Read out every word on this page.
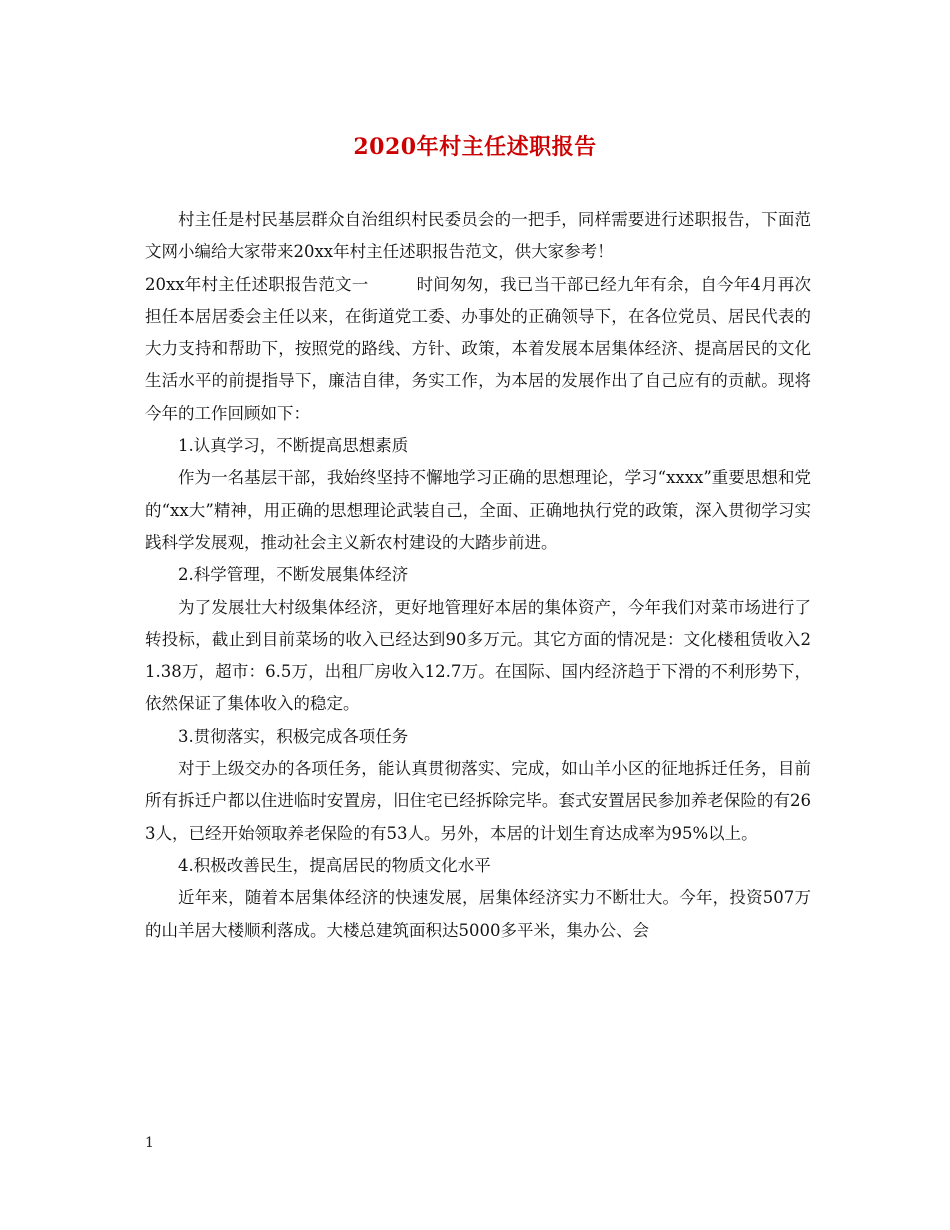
2020年村主任述职报告

村主任是村民基层群众自治组织村民委员会的一把手，同样需要进行述职报告，下面范文网小编给大家带来20xx年村主任述职报告范文，供大家参考！

20xx年村主任述职报告范文一	时间匆匆，我已当干部已经九年有余，自今年4月再次担任本居居委会主任以来，在街道党工委、办事处的正确领导下，在各位党员、居民代表的大力支持和帮助下，按照党的路线、方针、政策，本着发展本居集体经济、提高居民的文化生活水平的前提指导下，廉洁自律，务实工作，为本居的发展作出了自己应有的贡献。现将今年的工作回顾如下：

1.认真学习，不断提高思想素质

作为一名基层干部，我始终坚持不懈地学习正确的思想理论，学习“xxxx”重要思想和党的“xx大”精神，用正确的思想理论武装自己，全面、正确地执行党的政策，深入贯彻学习实践科学发展观，推动社会主义新农村建设的大踏步前进。

2.科学管理，不断发展集体经济

为了发展壮大村级集体经济，更好地管理好本居的集体资产，今年我们对菜市场进行了转投标，截止到目前菜场的收入已经达到90多万元。其它方面的情况是：文化楼租赁收入21.38万，超市：6.5万，出租厂房收入12.7万。在国际、国内经济趋于下滑的不利形势下，依然保证了集体收入的稳定。

3.贯彻落实，积极完成各项任务

对于上级交办的各项任务，能认真贯彻落实、完成，如山羊小区的征地拆迁任务，目前所有拆迁户都以住进临时安置房，旧住宅已经拆除完毕。套式安置居民参加养老保险的有263人，已经开始领取养老保险的有53人。另外，本居的计划生育达成率为95%以上。

4.积极改善民生，提高居民的物质文化水平

近年来，随着本居集体经济的快速发展，居集体经济实力不断壮大。今年，投资507万的山羊居大楼顺利落成。大楼总建筑面积达5000多平米，集办公、会

1
